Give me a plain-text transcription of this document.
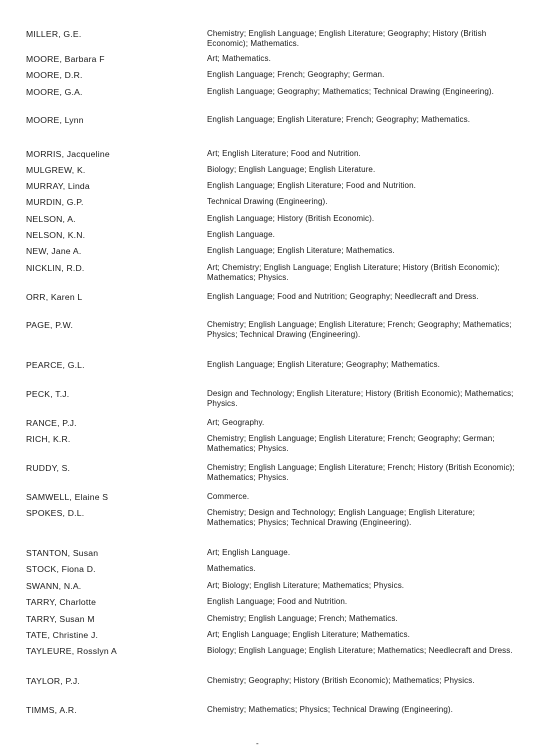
MILLER, G.E.	Chemistry; English Language; English Literature; Geography; History (British Economic); Mathematics.
MOORE, Barbara F	Art; Mathematics.
MOORE, D.R.	English Language; French; Geography; German.
MOORE, G.A.	English Language; Geography; Mathematics; Technical Drawing (Engineering).
MOORE, Lynn	English Language; English Literature; French; Geography; Mathematics.
MORRIS, Jacqueline	Art; English Literature; Food and Nutrition.
MULGREW, K.	Biology; English Language; English Literature.
MURRAY, Linda	English Language; English Literature; Food and Nutrition.
MURDIN, G.P.	Technical Drawing (Engineering).
NELSON, A.	English Language; History (British Economic).
NELSON, K.N.	English Language.
NEW, Jane A.	English Language; English Literature; Mathematics.
NICKLIN, R.D.	Art; Chemistry; English Language; English Literature; History (British Economic); Mathematics; Physics.
ORR, Karen L	English Language; Food and Nutrition; Geography; Needlecraft and Dress.
PAGE, P.W.	Chemistry; English Language; English Literature; French; Geography; Mathematics; Physics; Technical Drawing (Engineering).
PEARCE, G.L.	English Language; English Literature; Geography; Mathematics.
PECK, T.J.	Design and Technology; English Literature; History (British Economic); Mathematics; Physics.
RANCE, P.J.	Art; Geography.
RICH, K.R.	Chemistry; English Language; English Literature; French; Geography; German; Mathematics; Physics.
RUDDY, S.	Chemistry; English Language; English Literature; French; History (British Economic); Mathematics; Physics.
SAMWELL, Elaine S	Commerce.
SPOKES, D.L.	Chemistry; Design and Technology; English Language; English Literature; Mathematics; Physics; Technical Drawing (Engineering).
STANTON, Susan	Art; English Language.
STOCK, Fiona D.	Mathematics.
SWANN, N.A.	Art; Biology; English Literature; Mathematics; Physics.
TARRY, Charlotte	English Language; Food and Nutrition.
TARRY, Susan M	Chemistry; English Language; French; Mathematics.
TATE, Christine J.	Art; English Language; English Literature; Mathematics.
TAYLEURE, Rosslyn A	Biology; English Language; English Literature; Mathematics; Needlecraft and Dress.
TAYLOR, P.J.	Chemistry; Geography; History (British Economic); Mathematics; Physics.
TIMMS, A.R.	Chemistry; Mathematics; Physics; Technical Drawing (Engineering).
-
